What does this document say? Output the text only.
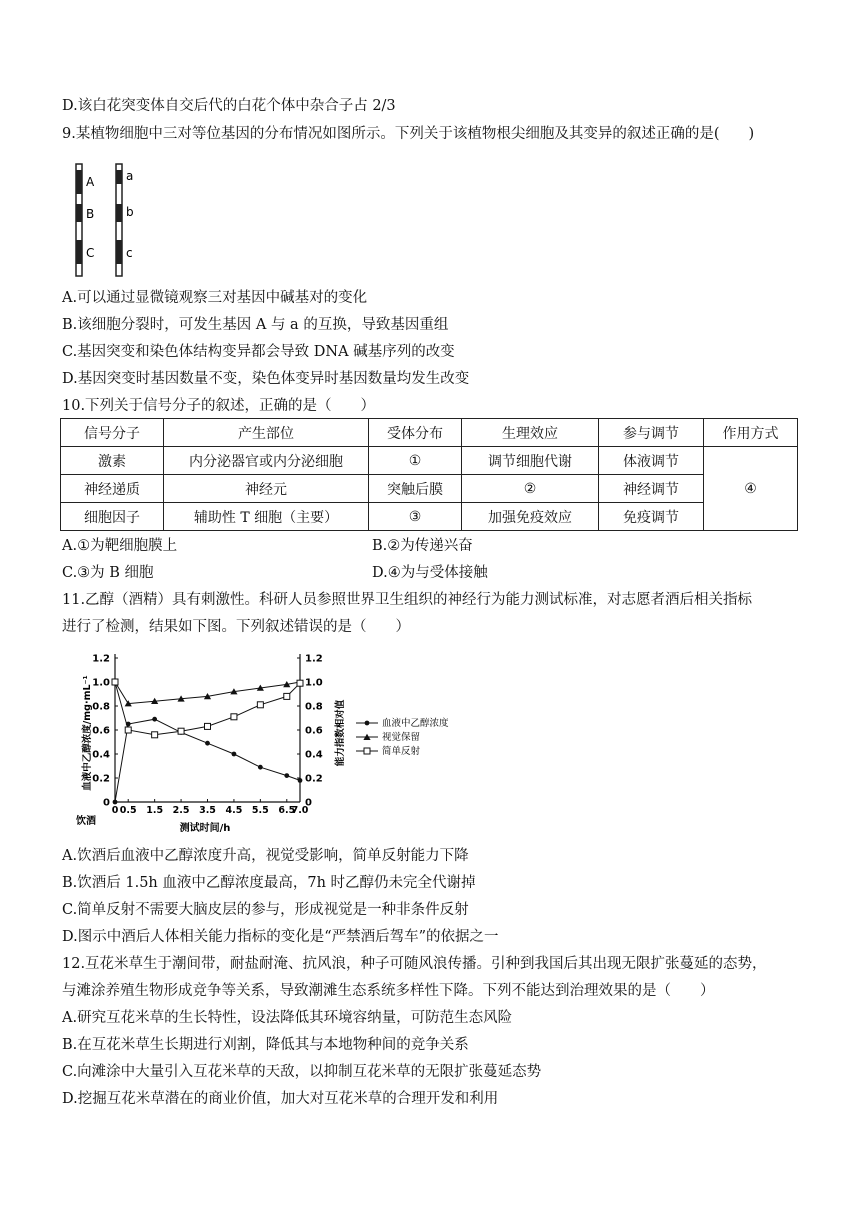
D.该白花突变体自交后代的白花个体中杂合子占 2/3
9.某植物细胞中三对等位基因的分布情况如图所示。下列关于该植物根尖细胞及其变异的叙述正确的是(　　)
A
B
C
a
b
c
A.可以通过显微镜观察三对基因中碱基对的变化
B.该细胞分裂时，可发生基因 A 与 a 的互换，导致基因重组
C.基因突变和染色体结构变异都会导致 DNA 碱基序列的改变
D.基因突变时基因数量不变，染色体变异时基因数量均发生改变
10.下列关于信号分子的叙述，正确的是（　　）
信号分子	产生部位	受体分布	生理效应	参与调节	作用方式
激素	内分泌器官或内分泌细胞	①	调节细胞代谢	体液调节	④
神经递质	神经元	突触后膜	②	神经调节	
细胞因子	辅助性 T 细胞（主要）	③	加强免疫效应	免疫调节	
A.①为靶细胞膜上	B.②为传递兴奋
C.③为 B 细胞	D.④为与受体接触
11.乙醇（酒精）具有刺激性。科研人员参照世界卫生组织的神经行为能力测试标准，对志愿者酒后相关指标
进行了检测，结果如下图。下列叙述错误的是（　　）
0	0
0.2	0.2
0.4	0.4
0.6	0.6
0.8	0.8
1.0	1.0
1.2	1.2
0 0.5 1.5 2.5 3.5 4.5 5.5 6.5
7.0
血液中乙醇浓度/mg·mL⁻¹	能力指数相对值
测试时间/h
饮酒
血液中乙醇浓度
视觉保留
简单反射
A.饮酒后血液中乙醇浓度升高，视觉受影响，简单反射能力下降
B.饮酒后 1.5h 血液中乙醇浓度最高，7h 时乙醇仍未完全代谢掉
C.简单反射不需要大脑皮层的参与，形成视觉是一种非条件反射
D.图示中酒后人体相关能力指标的变化是“严禁酒后驾车”的依据之一
12.互花米草生于潮间带，耐盐耐淹、抗风浪，种子可随风浪传播。引种到我国后其出现无限扩张蔓延的态势，
与滩涂养殖生物形成竞争等关系，导致潮滩生态系统多样性下降。下列不能达到治理效果的是（　　）
A.研究互花米草的生长特性，设法降低其环境容纳量，可防范生态风险
B.在互花米草生长期进行刈割，降低其与本地物种间的竞争关系
C.向滩涂中大量引入互花米草的天敌，以抑制互花米草的无限扩张蔓延态势
D.挖掘互花米草潜在的商业价值，加大对互花米草的合理开发和利用
